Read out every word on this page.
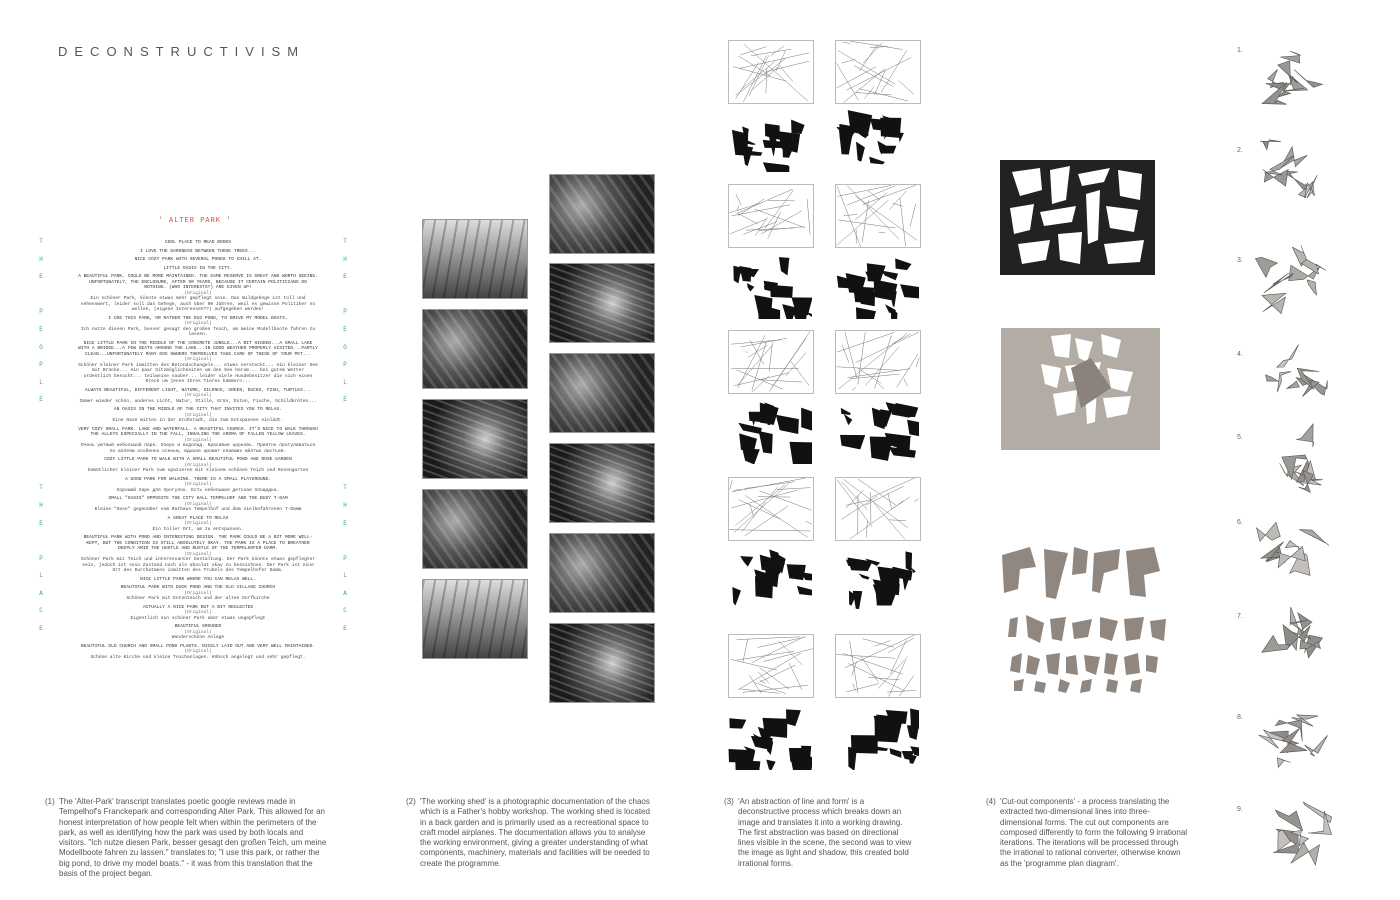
DECONSTRUCTIVISM
' ALTER PARK '
T
H
E
P
E
O
P
L
E
T
H
E
P
L
A
C
E
T
H
E
P
E
O
P
L
E
T
H
E
P
L
A
C
E
COOL PLACE TO READ BOOKS
I LOVE THE DARKNESS BETWEEN THOSE TREES...
NICE COZY PARK WITH SEVERAL PONDS TO CHILL AT.
LITTLE OASIS IN THE CITY.
A BEAUTIFUL PARK. COULD BE MORE MAINTAINED. THE GAME RESERVE IS GREAT AND WORTH SEEING. UNFORTUNATELY, THE ENCLOSURE, AFTER 90 YEARS, BECAUSE IT CERTAIN POLITICIANS DO NOTHING. (WHO INTERESTS?) ARE GIVEN UP!
(Original)
Ein schöner Park, könnte etwas mehr gepflegt sein. Das Wildgehege ist toll und sehenswert, leider soll das Gehege, auch über 90 Jahren, weil es gewisse Politiker so wollen, (eigene Interessen??) aufgegeben werden!
I USE THIS PARK, OR RATHER THE BIG POND, TO DRIVE MY MODEL BOATS.
(Original)
Ich nutze diesen Park, besser gesagt den großen Teich, um meine Modellboote fahren zu lassen.
NICE LITTLE PARK IN THE MIDDLE OF THE CONCRETE JUNGLE...A BIT HIDDEN...A SMALL LAKE WITH A BRIDGE...A FEW SEATS AROUND THE LAKE...IN GOOD WEATHER PROPERLY VISITED...PARTLY CLEAN...UNFORTUNATELY MANY DOG OWNERS THEMSELVES TAKE CARE OF THESE OF YOUR PET...
(Original)
Schöner kleiner Park inmitten des Betondschungels... etwas versteckt... ein kleiner See mit Brücke... ein paar Sitzmöglichkeiten um den See herum... bei gutem Wetter ordentlich besucht... teilweise sauber... leider viele Hundebesitzer die sich einen Dreck um jenen Ihres Tieres kümmern...
ALWAYS BEAUTIFUL, DIFFERENT LIGHT, NATURE, SILENCE, GREEN, DUCKS, FISH, TURTLES...
(Original)
Immer wieder schön, anderes Licht, Natur, Stille, Grün, Enten, Fische, Schildkröten...
AN OASIS IN THE MIDDLE OF THE CITY THAT INVITES YOU TO RELAX.
(Original)
Eine Oase mitten in der Großstadt, die zum Entspannen einlädt.
VERY COZY SMALL PARK. LAKE AND WATERFALL. A BEAUTIFUL CHURCH. IT'S NICE TO WALK THROUGH THE ALLEYS ESPECIALLY IN THE FALL, INHALING THE AROMA OF FALLEN YELLOW LEAVES.
(Original)
Очень уютный небольшой парк. Озеро и водопад. Красивая церковь. Приятно прогуливаться по аллеям особенно осенью, вдыхая аромат опавших жёлтых листьев.
COZY LITTLE PARK TO WALK WITH A SMALL BEAUTIFUL POND AND ROSE GARDEN
(Original)
Gemütlicher kleiner Park zum spazieren mit kleinem schönen Teich und Rosengarten
A GOOD PARK FOR WALKING. THERE IS A SMALL PLAYGROUND.
(Original)
Хороший парк для прогулок. Есть небольшая детская площадка.
SMALL "OASIS" OPPOSITE THE CITY HALL TEMPELHOF AND THE BUSY T-DAM
(Original)
Kleine "Oase" gegenüber vom Rathaus Tempelhof und dem vielbefahrenen T-Damm
A GREAT PLACE TO RELAX
(Original)
Ein toller Ort, um zu entspannen.
BEAUTIFUL PARK WITH POND AND INTERESTING DESIGN. THE PARK COULD BE A BIT MORE WELL-KEPT, BUT THE CONDITION IS STILL ABSOLUTELY OKAY. THE PARK IS A PLACE TO BREATHER DEEPLY AMID THE HUSTLE AND BUSTLE OF THE TEMPELHOFER DAMM.
(Original)
Schöner Park mit Teich und interessanter Gestaltung. Der Park könnte etwas gepflegter sein, jedoch ist sein Zustand noch als absolut okay zu bezeichnen. Der Park ist eine Ort des Durchatmens inmitten des Trubels des Tempelhofer Damm.
NICE LITTLE PARK WHERE YOU CAN RELAX WELL.
BEAUTIFUL PARK WITH DUCK POND AND THE OLD VILLAGE CHURCH
(Original)
Schöner Park mit Ententeich und der alten Dorfkirche
ACTUALLY A NICE PARK BUT A BIT NEGLECTED
(Original)
Eigentlich ein schöner Park aber etwas ungepflegt
BEAUTIFUL GROUNDS
(Original)
Wunderschöne Anlage
BEAUTIFUL OLD CHURCH AND SMALL POND PLANTS. NICELY LAID OUT AND VERY WELL MAINTAINED.
(Original)
Schöne alte Kirche und kleine Teichanlagen. Hübsch angelegt und sehr gepflegt.
1.
2.
3.
4.
5.
6.
7.
8.
9.
(1) The 'Alter-Park' transcript translates poetic google reviews made in Tempelhof's Franckepark and corresponding Alter Park. This allowed for an honest interpretation of how people felt when within the perimeters of the park, as well as identifying how the park was used by both locals and visitors. "Ich nutze diesen Park, besser gesagt den großen Teich, um meine Modellboote fahren zu lassen." translates to; "I use this park, or rather the big pond, to drive my model boats." - it was from this translation that the basis of the project began.
(2) 'The working shed' is a photographic documentation of the chaos which is a Father's hobby workshop. The working shed is located in a back garden and is primarily used as a recreational space to craft model airplanes. The documentation allows you to analyse the working environment, giving a greater understanding of what components, machinery, materials and facilities will be needed to create the programme.
(3) 'An abstraction of line and form' is a deconstructive process which breaks down an image and translates it into a working drawing. The first abstraction was based on directional lines visible in the scene, the second was to view the image as light and shadow, this created bold irrational forms.
(4) 'Cut-out components' - a process translating the extracted two-dimensional lines into three-dimensional forms. The cut out components are composed differently to form the following 9 irrational iterations. The iterations will be processed through the irrational to rational converter, otherwise known as the 'programme plan diagram'.
